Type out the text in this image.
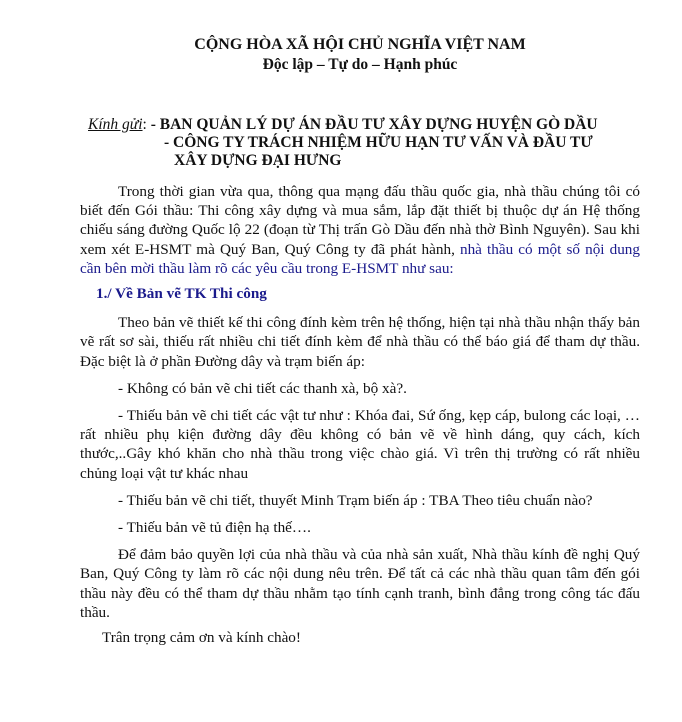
CỘNG HÒA XÃ HỘI CHỦ NGHĨA VIỆT NAM
Độc lập – Tự do – Hạnh phúc
Kính gửi: - BAN QUẢN LÝ DỰ ÁN ĐẦU TƯ XÂY DỰNG HUYỆN GÒ DẦU
- CÔNG TY TRÁCH NHIỆM HỮU HẠN TƯ VẤN VÀ ĐẦU TƯ
XÂY DỰNG ĐẠI HƯNG

Trong thời gian vừa qua, thông qua mạng đấu thầu quốc gia, nhà thầu chúng tôi có biết đến Gói thầu: Thi công xây dựng và mua sắm, lắp đặt thiết bị thuộc dự án Hệ thống chiếu sáng đường Quốc lộ 22 (đoạn từ Thị trấn Gò Dầu đến nhà thờ Bình Nguyên). Sau khi xem xét E-HSMT mà Quý Ban, Quý Công ty đã phát hành, nhà thầu có một số nội dung cần bên mời thầu làm rõ các yêu cầu trong E-HSMT như sau:

1./ Về Bản vẽ TK Thi công

Theo bản vẽ thiết kế thi công đính kèm trên hệ thống, hiện tại nhà thầu nhận thấy bản vẽ rất sơ sài, thiếu rất nhiều chi tiết đính kèm để nhà thầu có thể báo giá để tham dự thầu. Đặc biệt là ở phần Đường dây và trạm biến áp:

- Không có bản vẽ chi tiết các thanh xà, bộ xà?.

- Thiếu bản vẽ chi tiết các vật tư như : Khóa đai, Sứ ống, kẹp cáp, bulong các loại, …rất nhiều phụ kiện đường dây đều không có bản vẽ về hình dáng, quy cách, kích thước,..Gây khó khăn cho nhà thầu trong việc chào giá. Vì trên thị trường có rất nhiều chủng loại vật tư khác nhau

- Thiếu bản vẽ chi tiết, thuyết Minh Trạm biến áp : TBA Theo tiêu chuẩn nào?

- Thiếu bản vẽ tủ điện hạ thế….

Để đảm bảo quyền lợi của nhà thầu và của nhà sản xuất, Nhà thầu kính đề nghị Quý Ban, Quý Công ty làm rõ các nội dung nêu trên. Để tất cả các nhà thầu quan tâm đến gói thầu này đều có thể tham dự thầu nhằm tạo tính cạnh tranh, bình đẳng trong công tác đấu thầu.

Trân trọng cảm ơn và kính chào!
